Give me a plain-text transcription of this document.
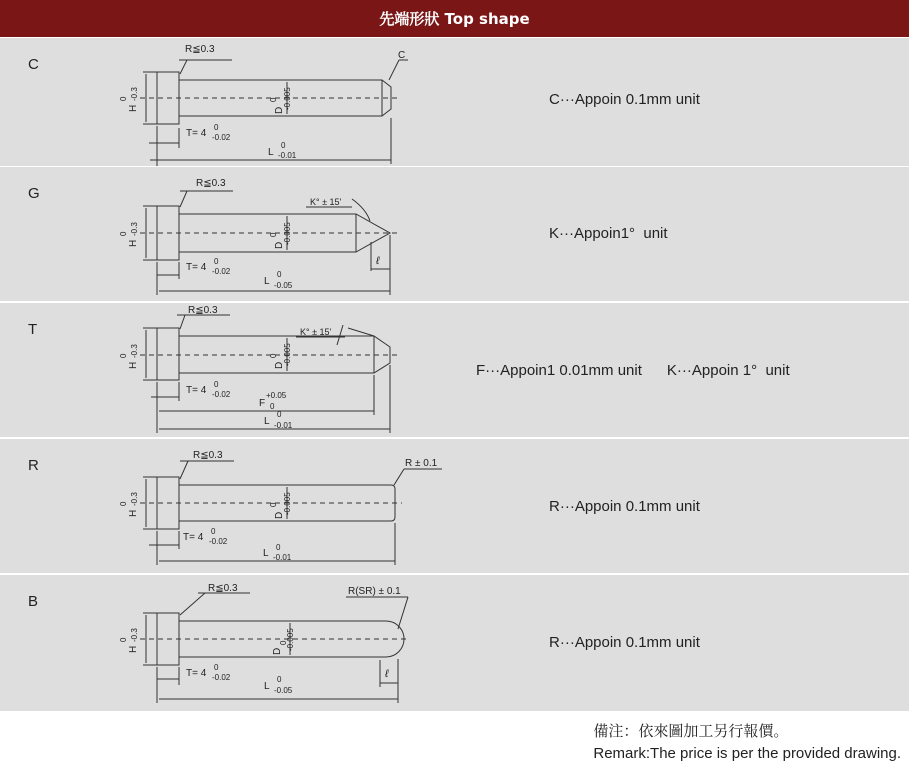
先端形狀 Top shape
C
R≦0.3
C
H
0 -0.3
D
0 -0.005
T= 4
0
-0.02
L
0
-0.01
C···Appoin 0.1mm unit
G
R≦0.3
K° ± 15'
ℓ
H
0 -0.3
D
0 -0.005
T= 4
0
-0.02
L
0
-0.05
K···Appoin1°  unit
T
R≦0.3
K° ± 15'
H
0 -0.3
D
0 -0.005
T= 4
0
-0.02
F
+0.05
0
L
0
-0.01
F···Appoin1 0.01mm unit      K···Appoin 1°  unit
R
R≦0.3
R ± 0.1
H
0 -0.3
D
0 -0.005
T= 4
0
-0.02
L
0
-0.01
R···Appoin 0.1mm unit
B
R≦0.3	R(SR) ± 0.1
ℓ
H
0 -0.3
D
0
-0.005
T= 4
0
-0.02
L
0
-0.05
R···Appoin 0.1mm unit
備注：依來圖加工另行報價。
Remark:The price is per the provided drawing.
